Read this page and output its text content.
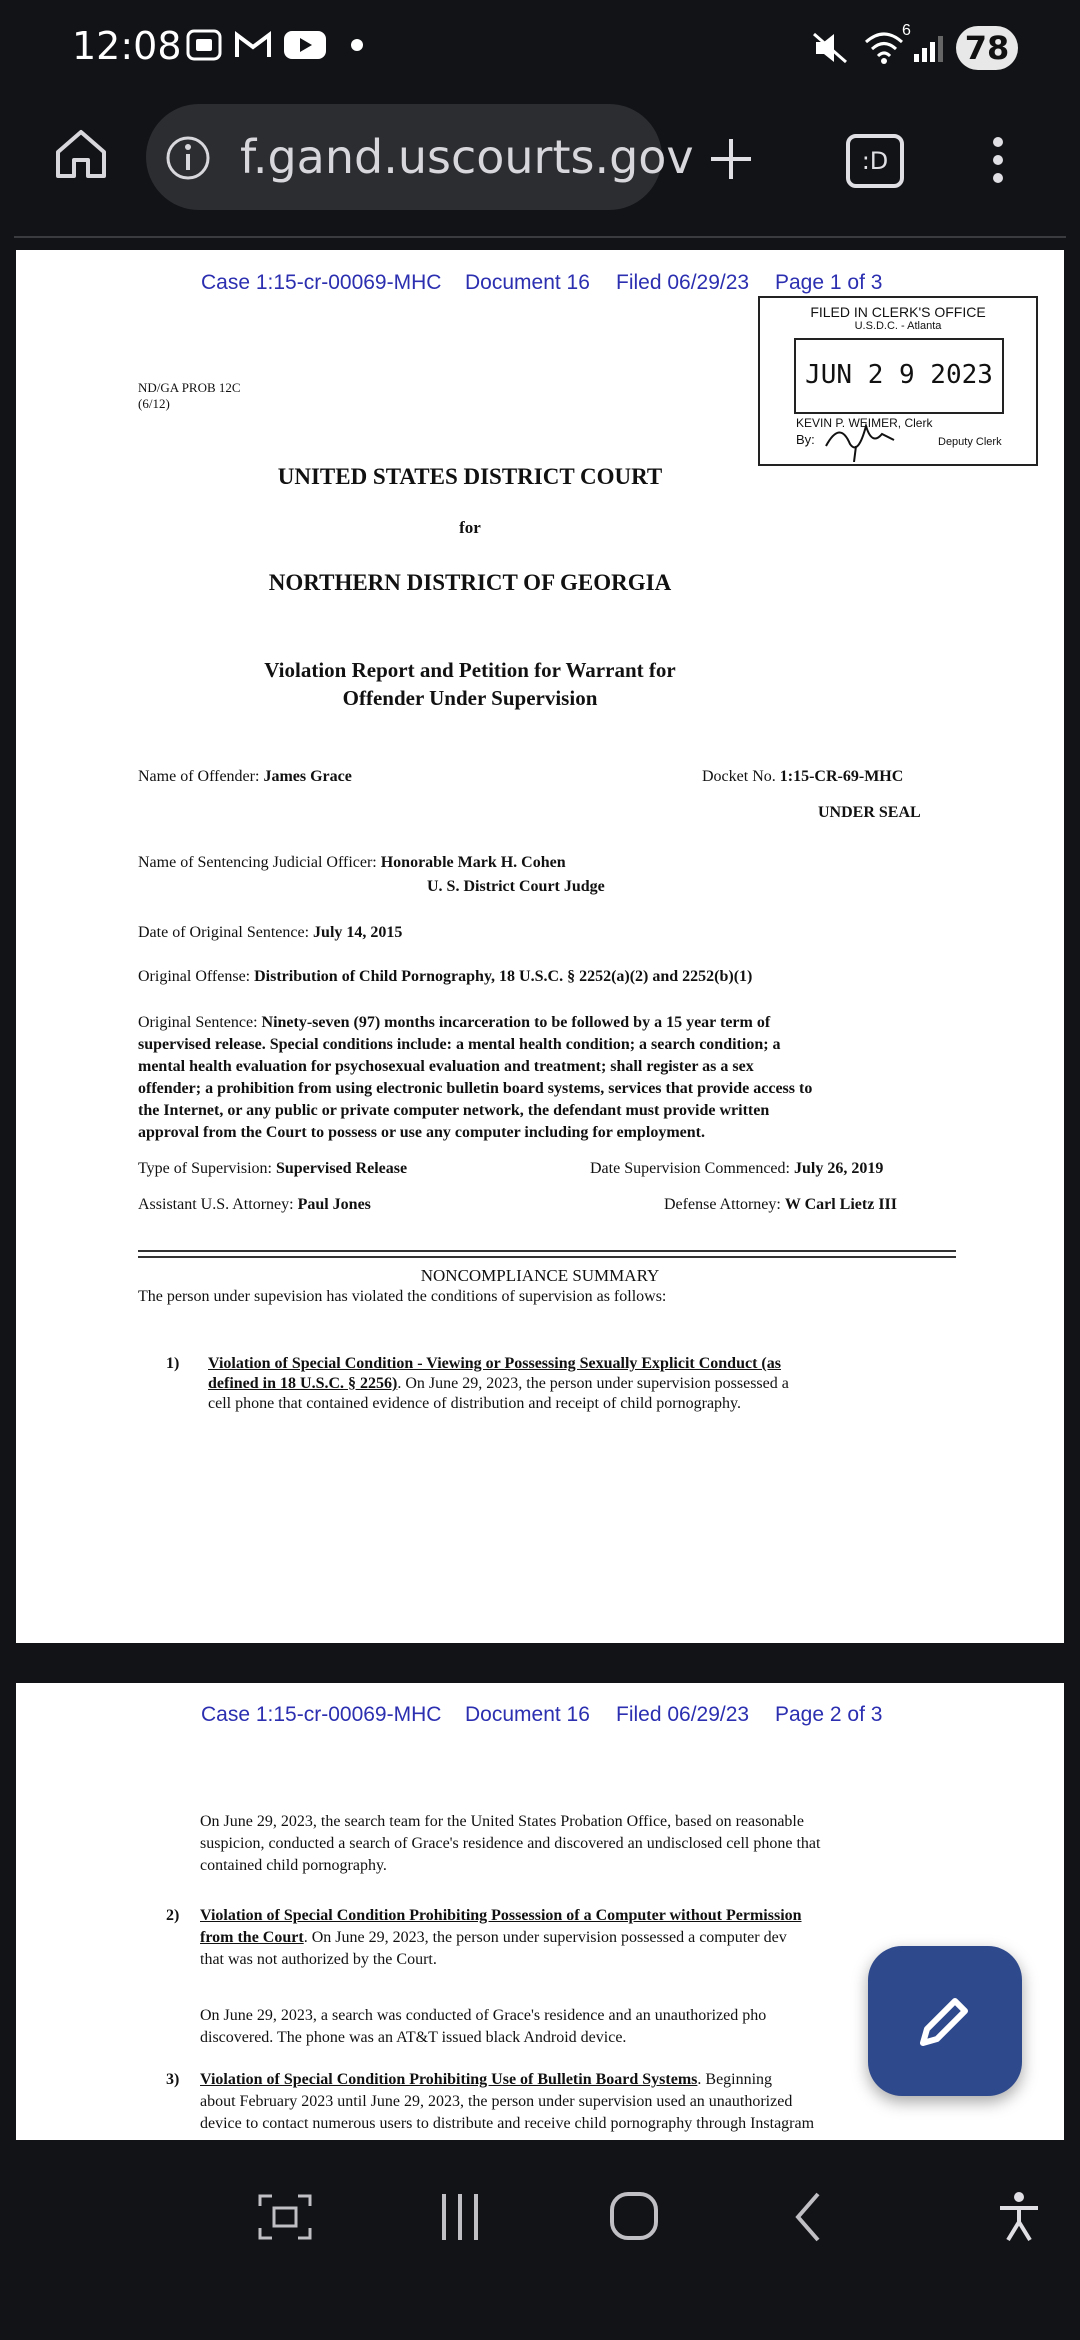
12:08	6 78
f.gand.uscourts.gov	:D
Case 1:15-cr-00069-MHC Document 16 Filed 06/29/23 Page 1 of 3
FILED IN CLERK'S OFFICE
U.S.D.C. - Atlanta
JUN 2 9 2023
KEVIN P. WEIMER, Clerk
By:	Deputy Clerk
ND/GA PROB 12C
(6/12)
UNITED STATES DISTRICT COURT
for
NORTHERN DISTRICT OF GEORGIA
Violation Report and Petition for Warrant for
Offender Under Supervision
Name of Offender: James Grace	Docket No. 1:15-CR-69-MHC
UNDER SEAL
Name of Sentencing Judicial Officer: Honorable Mark H. Cohen
U. S. District Court Judge
Date of Original Sentence: July 14, 2015
Original Offense: Distribution of Child Pornography, 18 U.S.C. § 2252(a)(2) and 2252(b)(1)
Original Sentence: Ninety-seven (97) months incarceration to be followed by a 15 year term of
supervised release. Special conditions include: a mental health condition; a search condition; a
mental health evaluation for psychosexual evaluation and treatment; shall register as a sex
offender; a prohibition from using electronic bulletin board systems, services that provide access to
the Internet, or any public or private computer network, the defendant must provide written
approval from the Court to possess or use any computer including for employment.
Type of Supervision: Supervised Release	Date Supervision Commenced: July 26, 2019
Assistant U.S. Attorney: Paul Jones	Defense Attorney: W Carl Lietz III
NONCOMPLIANCE SUMMARY
The person under supevision has violated the conditions of supervision as follows:
1) Violation of Special Condition - Viewing or Possessing Sexually Explicit Conduct (as
defined in 18 U.S.C. § 2256). On June 29, 2023, the person under supervision possessed a
cell phone that contained evidence of distribution and receipt of child pornography.
Case 1:15-cr-00069-MHC Document 16 Filed 06/29/23 Page 2 of 3
On June 29, 2023, the search team for the United States Probation Office, based on reasonable
suspicion, conducted a search of Grace's residence and discovered an undisclosed cell phone that
contained child pornography.
2) Violation of Special Condition Prohibiting Possession of a Computer without Permission
from the Court. On June 29, 2023, the person under supervision possessed a computer dev
that was not authorized by the Court.
On June 29, 2023, a search was conducted of Grace's residence and an unauthorized pho
discovered. The phone was an AT&T issued black Android device.
3) Violation of Special Condition Prohibiting Use of Bulletin Board Systems. Beginning
about February 2023 until June 29, 2023, the person under supervision used an unauthorized
device to contact numerous users to distribute and receive child pornography through Instagram
